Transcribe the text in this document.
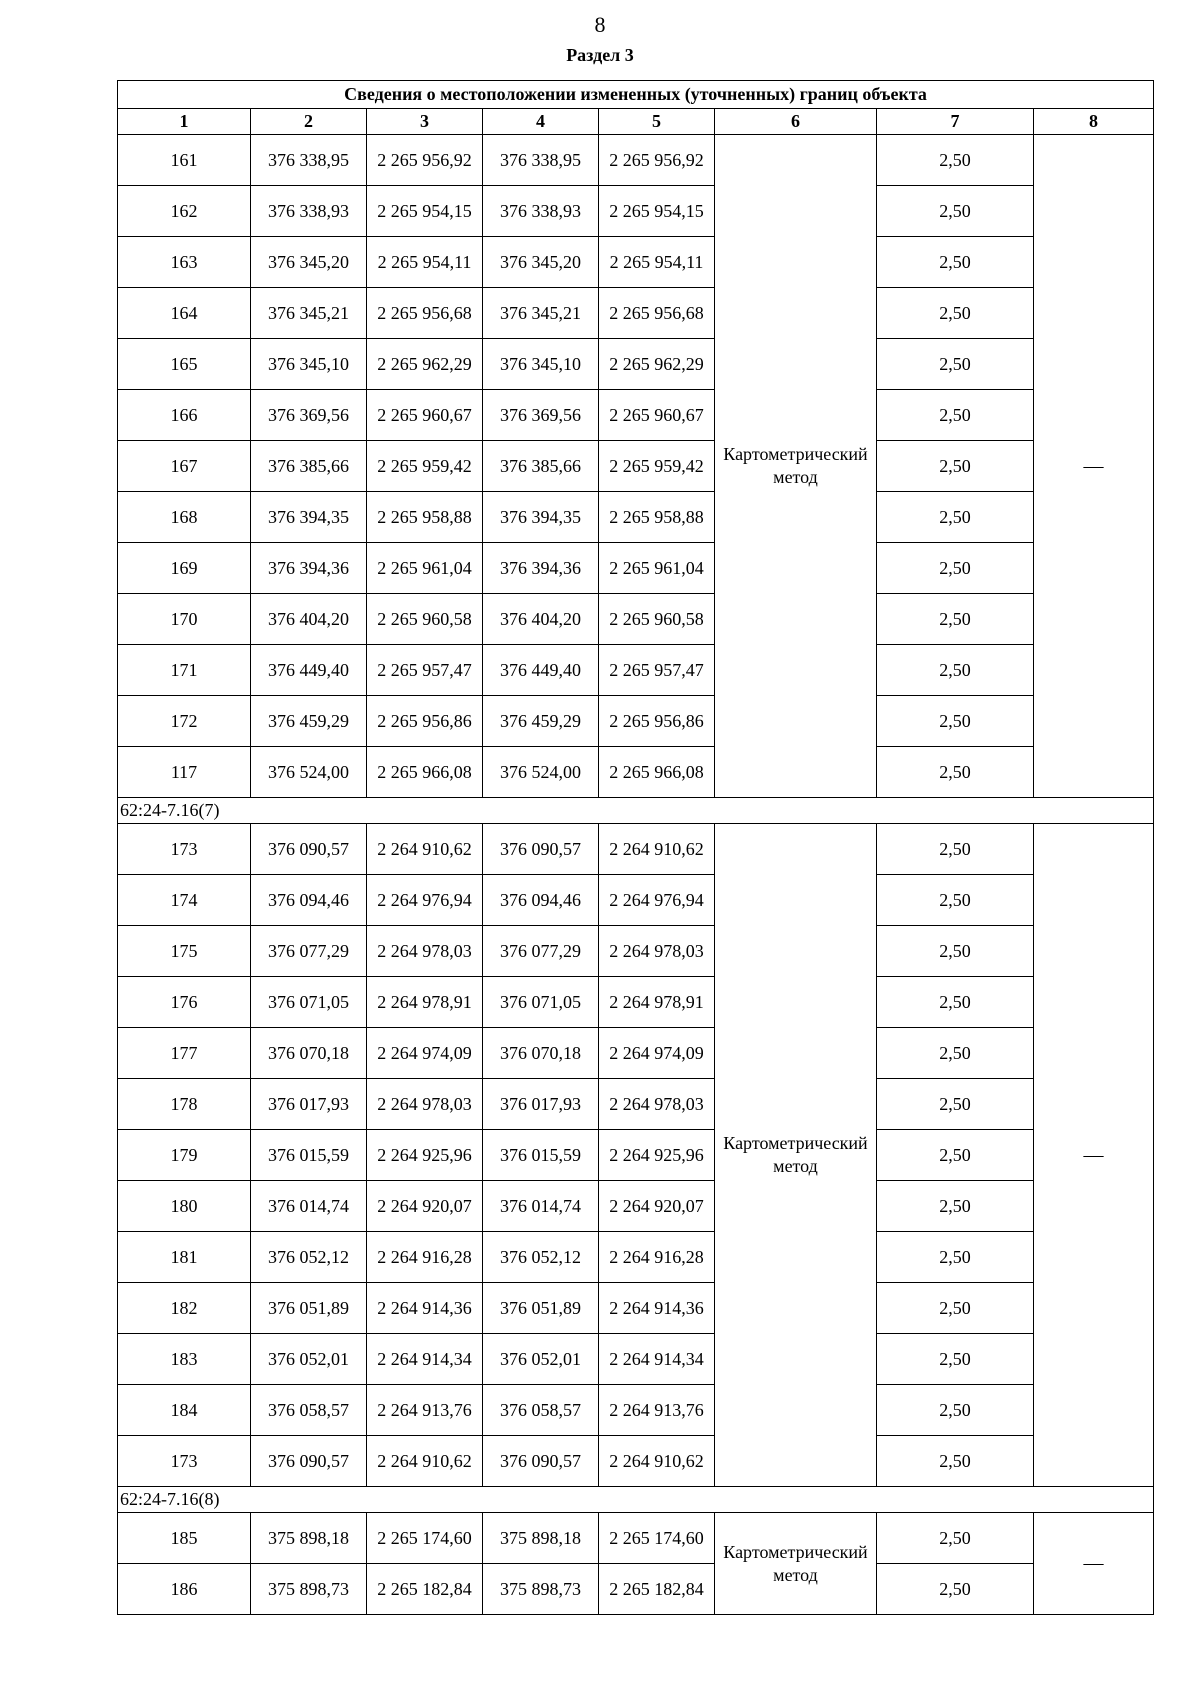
8
Раздел 3
Сведения о местоположении измененных (уточненных) границ объекта							
1	2	3	4	5	6	7	8
161	376 338,95	2 265 956,92	376 338,95	2 265 956,92	Картометрический метод	2,50	—
162	376 338,93	2 265 954,15	376 338,93	2 265 954,15		2,50	
163	376 345,20	2 265 954,11	376 345,20	2 265 954,11		2,50	
164	376 345,21	2 265 956,68	376 345,21	2 265 956,68		2,50	
165	376 345,10	2 265 962,29	376 345,10	2 265 962,29		2,50	
166	376 369,56	2 265 960,67	376 369,56	2 265 960,67		2,50	
167	376 385,66	2 265 959,42	376 385,66	2 265 959,42		2,50	
168	376 394,35	2 265 958,88	376 394,35	2 265 958,88		2,50	
169	376 394,36	2 265 961,04	376 394,36	2 265 961,04		2,50	
170	376 404,20	2 265 960,58	376 404,20	2 265 960,58		2,50	
171	376 449,40	2 265 957,47	376 449,40	2 265 957,47		2,50	
172	376 459,29	2 265 956,86	376 459,29	2 265 956,86		2,50	
117	376 524,00	2 265 966,08	376 524,00	2 265 966,08		2,50	
62:24-7.16(7)							
173	376 090,57	2 264 910,62	376 090,57	2 264 910,62	Картометрический метод	2,50	—
174	376 094,46	2 264 976,94	376 094,46	2 264 976,94		2,50	
175	376 077,29	2 264 978,03	376 077,29	2 264 978,03		2,50	
176	376 071,05	2 264 978,91	376 071,05	2 264 978,91		2,50	
177	376 070,18	2 264 974,09	376 070,18	2 264 974,09		2,50	
178	376 017,93	2 264 978,03	376 017,93	2 264 978,03		2,50	
179	376 015,59	2 264 925,96	376 015,59	2 264 925,96		2,50	
180	376 014,74	2 264 920,07	376 014,74	2 264 920,07		2,50	
181	376 052,12	2 264 916,28	376 052,12	2 264 916,28		2,50	
182	376 051,89	2 264 914,36	376 051,89	2 264 914,36		2,50	
183	376 052,01	2 264 914,34	376 052,01	2 264 914,34		2,50	
184	376 058,57	2 264 913,76	376 058,57	2 264 913,76		2,50	
173	376 090,57	2 264 910,62	376 090,57	2 264 910,62		2,50	
62:24-7.16(8)							
185	375 898,18	2 265 174,60	375 898,18	2 265 174,60	Картометрический метод	2,50	—
186	375 898,73	2 265 182,84	375 898,73	2 265 182,84		2,50	
